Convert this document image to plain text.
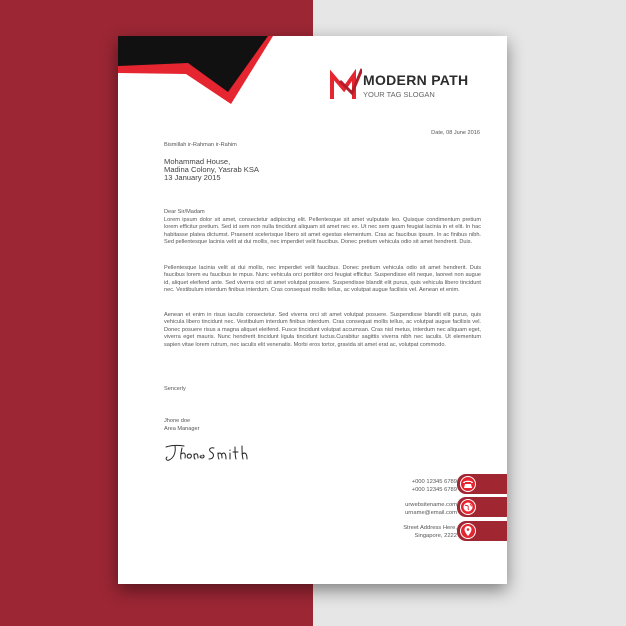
MODERN PATH
YOUR TAG SLOGAN
Date, 08 June 2016
Bismillah ir-Rahman ir-Rahim
Mohammad House,
Madina Colony, Yasrab KSA
13 January 2015
Dear Sir/Madam
Lorem ipsum dolor sit amet, consectetur adipiscing elit. Pellentesque sit amet vulputate leo. Quisque condimentum pretium lorem efficitur pretium. Sed id sem non nulla tincidunt aliquam sit amet nec ex. Ut nec sem quam feugiat lacinia in et elit. In hac habitasse platea dictumst. Praesent scelerisque libero sit amet egestas elementum. Cras ac faucibus ipsum. In ac finibus nibh. Sed pellentesque lacinia velit at dui mollis, nec imperdiet velit faucibus. Donec pretium vehicula odio sit amet hendrerit. Duis.
Pellentesque lacinia velit at dui mollis, nec imperdiet velit faucibus. Donec pretium vehicula odio sit amet hendrerit. Duis faucibus lorem eu faucibus te mpus. Nunc vehicula orci porttitor orci feugiat efficitur. Suspendisse elit neque, laoreet non augue id, aliquet eleifend ante. Sed viverra orci sit amet volutpat posuere. Suspendisse blandit elit purus, quis vehicula libero tincidunt nec. Vestibulum interdum finibus interdum. Cras consequat mollis tellus, ac volutpat augue facilisis vel. Aenean et enim.
Aenean et enim in risus iaculis consectetur. Sed viverra orci sit amet volutpat posuere. Suspendisse blandit elit purus, quis vehicula libero tincidunt nec. Vestibulum interdum finibus interdum. Cras consequat mollis tellus, ac volutpat augue facilisis vel. Donec posuere risus a magna aliquet eleifend. Fusce tincidunt volutpat accumsan. Cras nisl metus, interdum nec aliquam eget, viverra eget mauris. Nunc hendrerit tincidunt ligula tincidunt luctus.Curabitur sagittis viverra nibh nec iaculis. Ut elementum sapien vitae lorem rutrum, nec iaculis elit venenatis. Morbi eros tortor, gravida sit amet erat ac, volutpat commodo.
Sencerly
Jhone doe
Area Manager
+000 12345 6789
+000 12345 6789
urwebsitename.com
urname@email.com
Street Address Here,
Singapore, 2222
